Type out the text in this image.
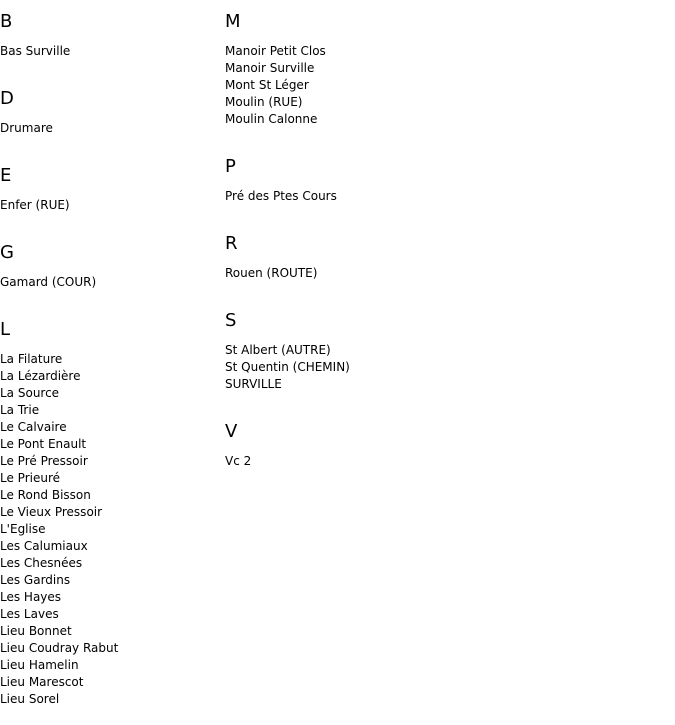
B
Bas Surville
D
Drumare
E
Enfer (RUE)
G
Gamard (COUR)
L
La Filature
La Lézardière
La Source
La Trie
Le Calvaire
Le Pont Enault
Le Pré Pressoir
Le Prieuré
Le Rond Bisson
Le Vieux Pressoir
L'Eglise
Les Calumiaux
Les Chesnées
Les Gardins
Les Hayes
Les Laves
Lieu Bonnet
Lieu Coudray Rabut
Lieu Hamelin
Lieu Marescot
Lieu Sorel
M
Manoir Petit Clos
Manoir Surville
Mont St Léger
Moulin (RUE)
Moulin Calonne
P
Pré des Ptes Cours
R
Rouen (ROUTE)
S
St Albert (AUTRE)
St Quentin (CHEMIN)
SURVILLE
V
Vc 2
